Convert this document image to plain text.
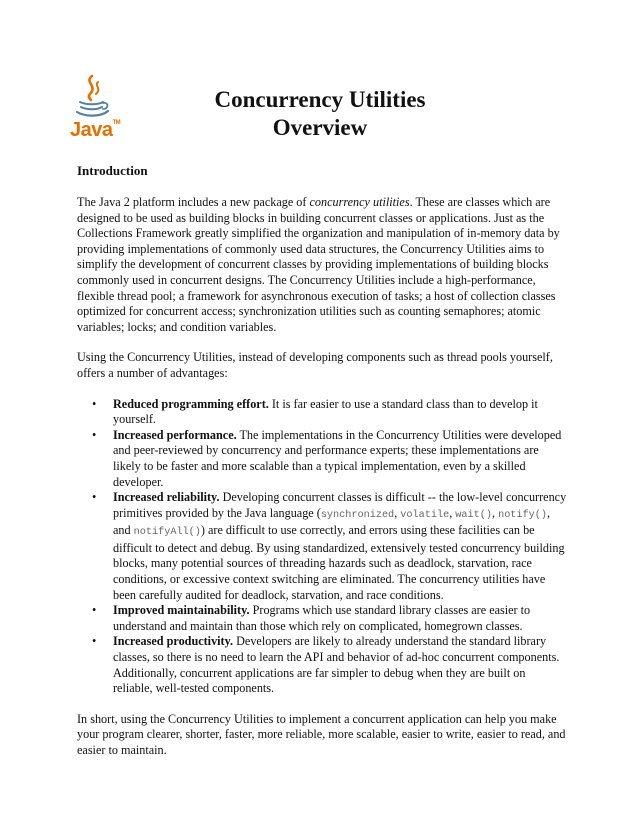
Java™
Concurrency Utilities
Overview
Introduction

The Java 2 platform includes a new package of concurrency utilities. These are classes which are designed to be used as building blocks in building concurrent classes or applications. Just as the Collections Framework greatly simplified the organization and manipulation of in-memory data by providing implementations of commonly used data structures, the Concurrency Utilities aims to simplify the development of concurrent classes by providing implementations of building blocks commonly used in concurrent designs. The Concurrency Utilities include a high-performance, flexible thread pool; a framework for asynchronous execution of tasks; a host of collection classes optimized for concurrent access; synchronization utilities such as counting semaphores; atomic variables; locks; and condition variables.

Using the Concurrency Utilities, instead of developing components such as thread pools yourself, offers a number of advantages:

• Reduced programming effort. It is far easier to use a standard class than to develop it yourself.
• Increased performance. The implementations in the Concurrency Utilities were developed and peer-reviewed by concurrency and performance experts; these implementations are likely to be faster and more scalable than a typical implementation, even by a skilled developer.
• Increased reliability. Developing concurrent classes is difficult -- the low-level concurrency primitives provided by the Java language (synchronized, volatile, wait(), notify(), and notifyAll()) are difficult to use correctly, and errors using these facilities can be difficult to detect and debug. By using standardized, extensively tested concurrency building blocks, many potential sources of threading hazards such as deadlock, starvation, race conditions, or excessive context switching are eliminated. The concurrency utilities have been carefully audited for deadlock, starvation, and race conditions.
• Improved maintainability. Programs which use standard library classes are easier to understand and maintain than those which rely on complicated, homegrown classes.
• Increased productivity. Developers are likely to already understand the standard library classes, so there is no need to learn the API and behavior of ad-hoc concurrent components. Additionally, concurrent applications are far simpler to debug when they are built on reliable, well-tested components.

In short, using the Concurrency Utilities to implement a concurrent application can help you make your program clearer, shorter, faster, more reliable, more scalable, easier to write, easier to read, and easier to maintain.
